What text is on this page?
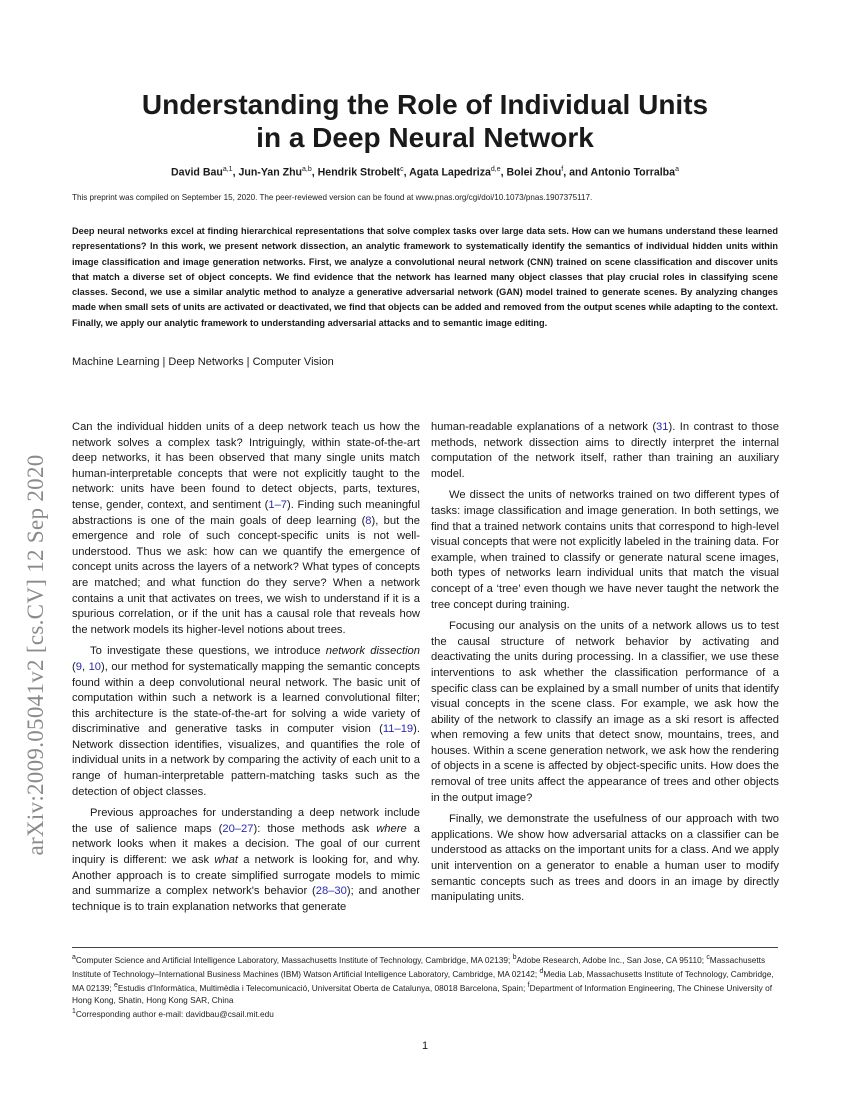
arXiv:2009.05041v2 [cs.CV] 12 Sep 2020
Understanding the Role of Individual Units
in a Deep Neural Network
David Bau$^{a,1}$, Jun-Yan Zhu$^{a,b}$, Hendrik Strobelt$^c$, Agata Lapedriza$^{d,e}$, Bolei Zhou$^f$, and Antonio Torralba$^a$
This preprint was compiled on September 15, 2020. The peer-reviewed version can be found at www.pnas.org/cgi/doi/10.1073/pnas.1907375117.

Deep neural networks excel at finding hierarchical representations that solve complex tasks over large data sets. How can we humans understand these learned representations? In this work, we present network dissection, an analytic framework to systematically identify the semantics of individual hidden units within image classification and image generation networks. First, we analyze a convolutional neural network (CNN) trained on scene classification and discover units that match a diverse set of object concepts. We find evidence that the network has learned many object classes that play crucial roles in classifying scene classes. Second, we use a similar analytic method to analyze a generative adversarial network (GAN) model trained to generate scenes. By analyzing changes made when small sets of units are activated or deactivated, we find that objects can be added and removed from the output scenes while adapting to the context. Finally, we apply our analytic framework to understanding adversarial attacks and to semantic image editing.

Machine Learning | Deep Networks | Computer Vision

Can the individual hidden units of a deep network teach us how the network solves a complex task? Intriguingly, within state-of-the-art deep networks, it has been observed that many single units match human-interpretable concepts that were not explicitly taught to the network: units have been found to detect objects, parts, textures, tense, gender, context, and sentiment (1–7). Finding such meaningful abstractions is one of the main goals of deep learning (8), but the emergence and role of such concept-specific units is not well-understood. Thus we ask: how can we quantify the emergence of concept units across the layers of a network? What types of concepts are matched; and what function do they serve? When a network contains a unit that activates on trees, we wish to understand if it is a spurious correlation, or if the unit has a causal role that reveals how the network models its higher-level notions about trees.

To investigate these questions, we introduce network dissection (9, 10), our method for systematically mapping the semantic concepts found within a deep convolutional neural network. The basic unit of computation within such a network is a learned convolutional filter; this architecture is the state-of-the-art for solving a wide variety of discriminative and generative tasks in computer vision (11–19). Network dissection identifies, visualizes, and quantifies the role of individual units in a network by comparing the activity of each unit to a range of human-interpretable pattern-matching tasks such as the detection of object classes.

Previous approaches for understanding a deep network include the use of salience maps (20–27): those methods ask where a network looks when it makes a decision. The goal of our current inquiry is different: we ask what a network is looking for, and why. Another approach is to create simplified surrogate models to mimic and summarize a complex network's behavior (28–30); and another technique is to train explanation networks that generate

human-readable explanations of a network (31). In contrast to those methods, network dissection aims to directly interpret the internal computation of the network itself, rather than training an auxiliary model.

We dissect the units of networks trained on two different types of tasks: image classification and image generation. In both settings, we find that a trained network contains units that correspond to high-level visual concepts that were not explicitly labeled in the training data. For example, when trained to classify or generate natural scene images, both types of networks learn individual units that match the visual concept of a ‘tree’ even though we have never taught the network the tree concept during training.

Focusing our analysis on the units of a network allows us to test the causal structure of network behavior by activating and deactivating the units during processing. In a classifier, we use these interventions to ask whether the classification performance of a specific class can be explained by a small number of units that identify visual concepts in the scene class. For example, we ask how the ability of the network to classify an image as a ski resort is affected when removing a few units that detect snow, mountains, trees, and houses. Within a scene generation network, we ask how the rendering of objects in a scene is affected by object-specific units. How does the removal of tree units affect the appearance of trees and other objects in the output image?

Finally, we demonstrate the usefulness of our approach with two applications. We show how adversarial attacks on a classifier can be understood as attacks on the important units for a class. And we apply unit intervention on a generator to enable a human user to modify semantic concepts such as trees and doors in an image by directly manipulating units.

$^a$Computer Science and Artificial Intelligence Laboratory, Massachusetts Institute of Technology, Cambridge, MA 02139; $^b$Adobe Research, Adobe Inc., San Jose, CA 95110; $^c$Massachusetts Institute of Technology–International Business Machines (IBM) Watson Artificial Intelligence Laboratory, Cambridge, MA 02142; $^d$Media Lab, Massachusetts Institute of Technology, Cambridge, MA 02139; $^e$Estudis d’Informàtica, Multimèdia i Telecomunicació, Universitat Oberta de Catalunya, 08018 Barcelona, Spain; $^f$Department of Information Engineering, The Chinese University of Hong Kong, Shatin, Hong Kong SAR, China

$^1$Corresponding author e-mail: davidbau@csail.mit.edu

1
